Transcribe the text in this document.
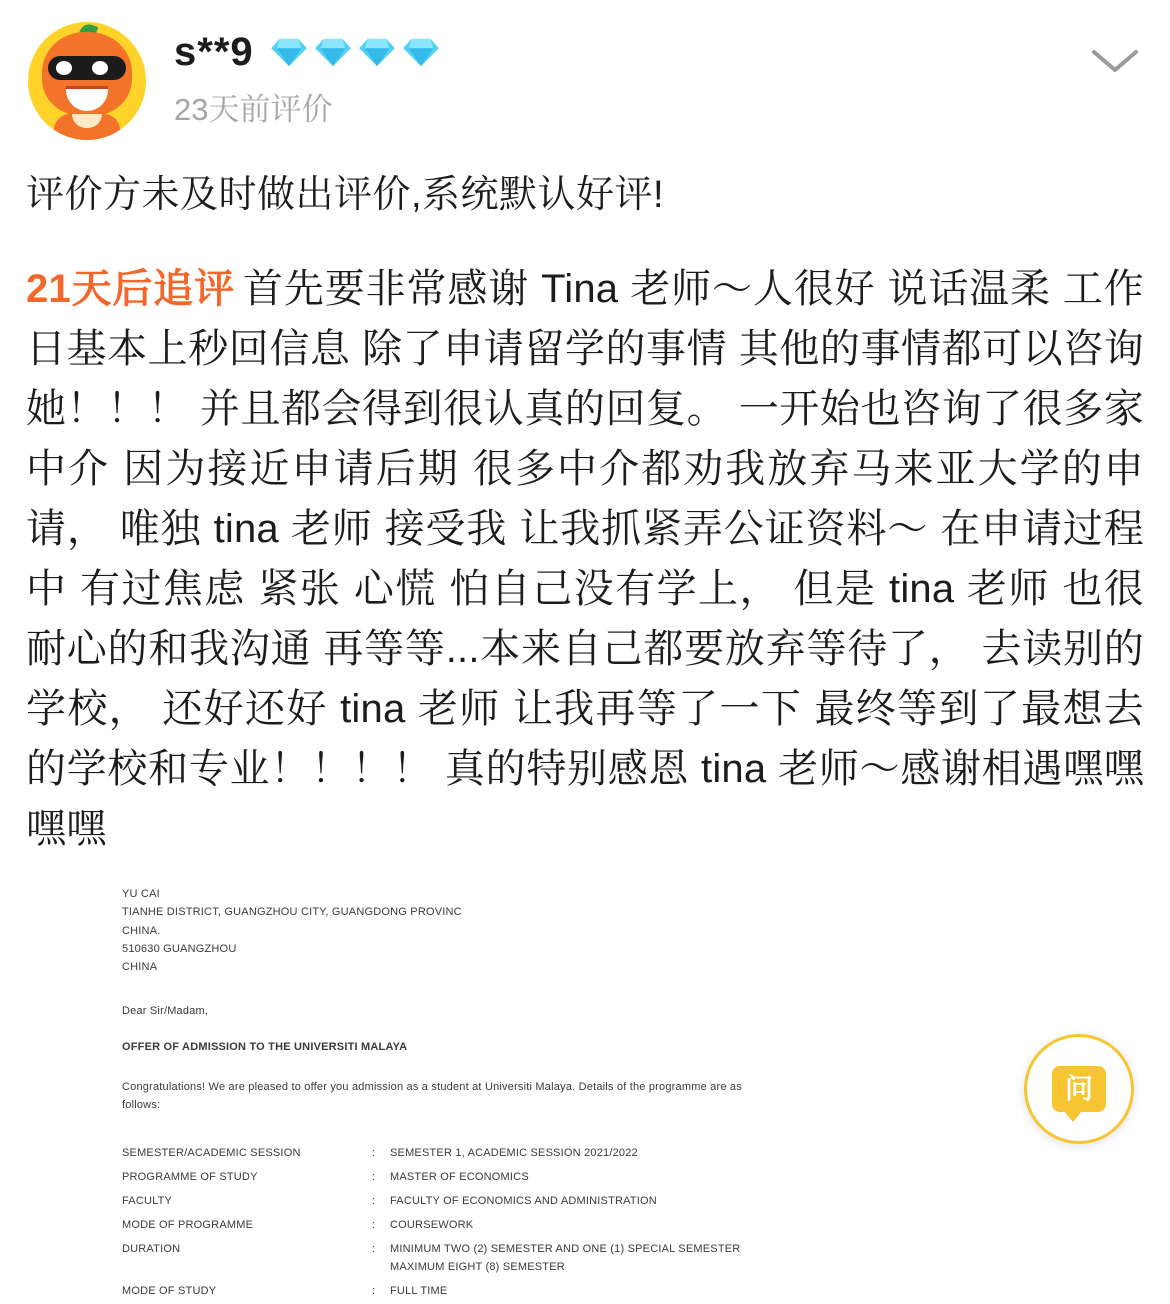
s**9
23天前评价
评价方未及时做出评价,系统默认好评!
21天后追评 首先要非常感谢 Tina 老师～人很好 说话温柔 工作日基本上秒回信息 除了申请留学的事情 其他的事情都可以咨询她！！！ 并且都会得到很认真的回复。 一开始也咨询了很多家中介 因为接近申请后期 很多中介都劝我放弃马来亚大学的申请， 唯独 tina 老师 接受我 让我抓紧弄公证资料～ 在申请过程中 有过焦虑 紧张 心慌 怕自己没有学上， 但是 tina 老师 也很耐心的和我沟通 再等等...本来自己都要放弃等待了， 去读别的学校， 还好还好 tina 老师 让我再等了一下 最终等到了最想去的学校和专业！！！！ 真的特别感恩 tina 老师～感谢相遇嘿嘿嘿嘿
YU CAI
TIANHE DISTRICT, GUANGZHOU CITY, GUANGDONG PROVINC
CHINA.
510630 GUANGZHOU
CHINA
Dear Sir/Madam,
OFFER OF ADMISSION TO THE UNIVERSITI MALAYA
Congratulations! We are pleased to offer you admission as a student at Universiti Malaya. Details of the programme are as follows:
SEMESTER/ACADEMIC SESSION	:	SEMESTER 1, ACADEMIC SESSION 2021/2022
PROGRAMME OF STUDY	:	MASTER OF ECONOMICS
FACULTY	:	FACULTY OF ECONOMICS AND ADMINISTRATION
MODE OF PROGRAMME	:	COURSEWORK
DURATION	:	MINIMUM TWO (2) SEMESTER AND ONE (1) SPECIAL SEMESTER
MAXIMUM EIGHT (8) SEMESTER

MODE OF STUDY	:	FULL TIME
问
